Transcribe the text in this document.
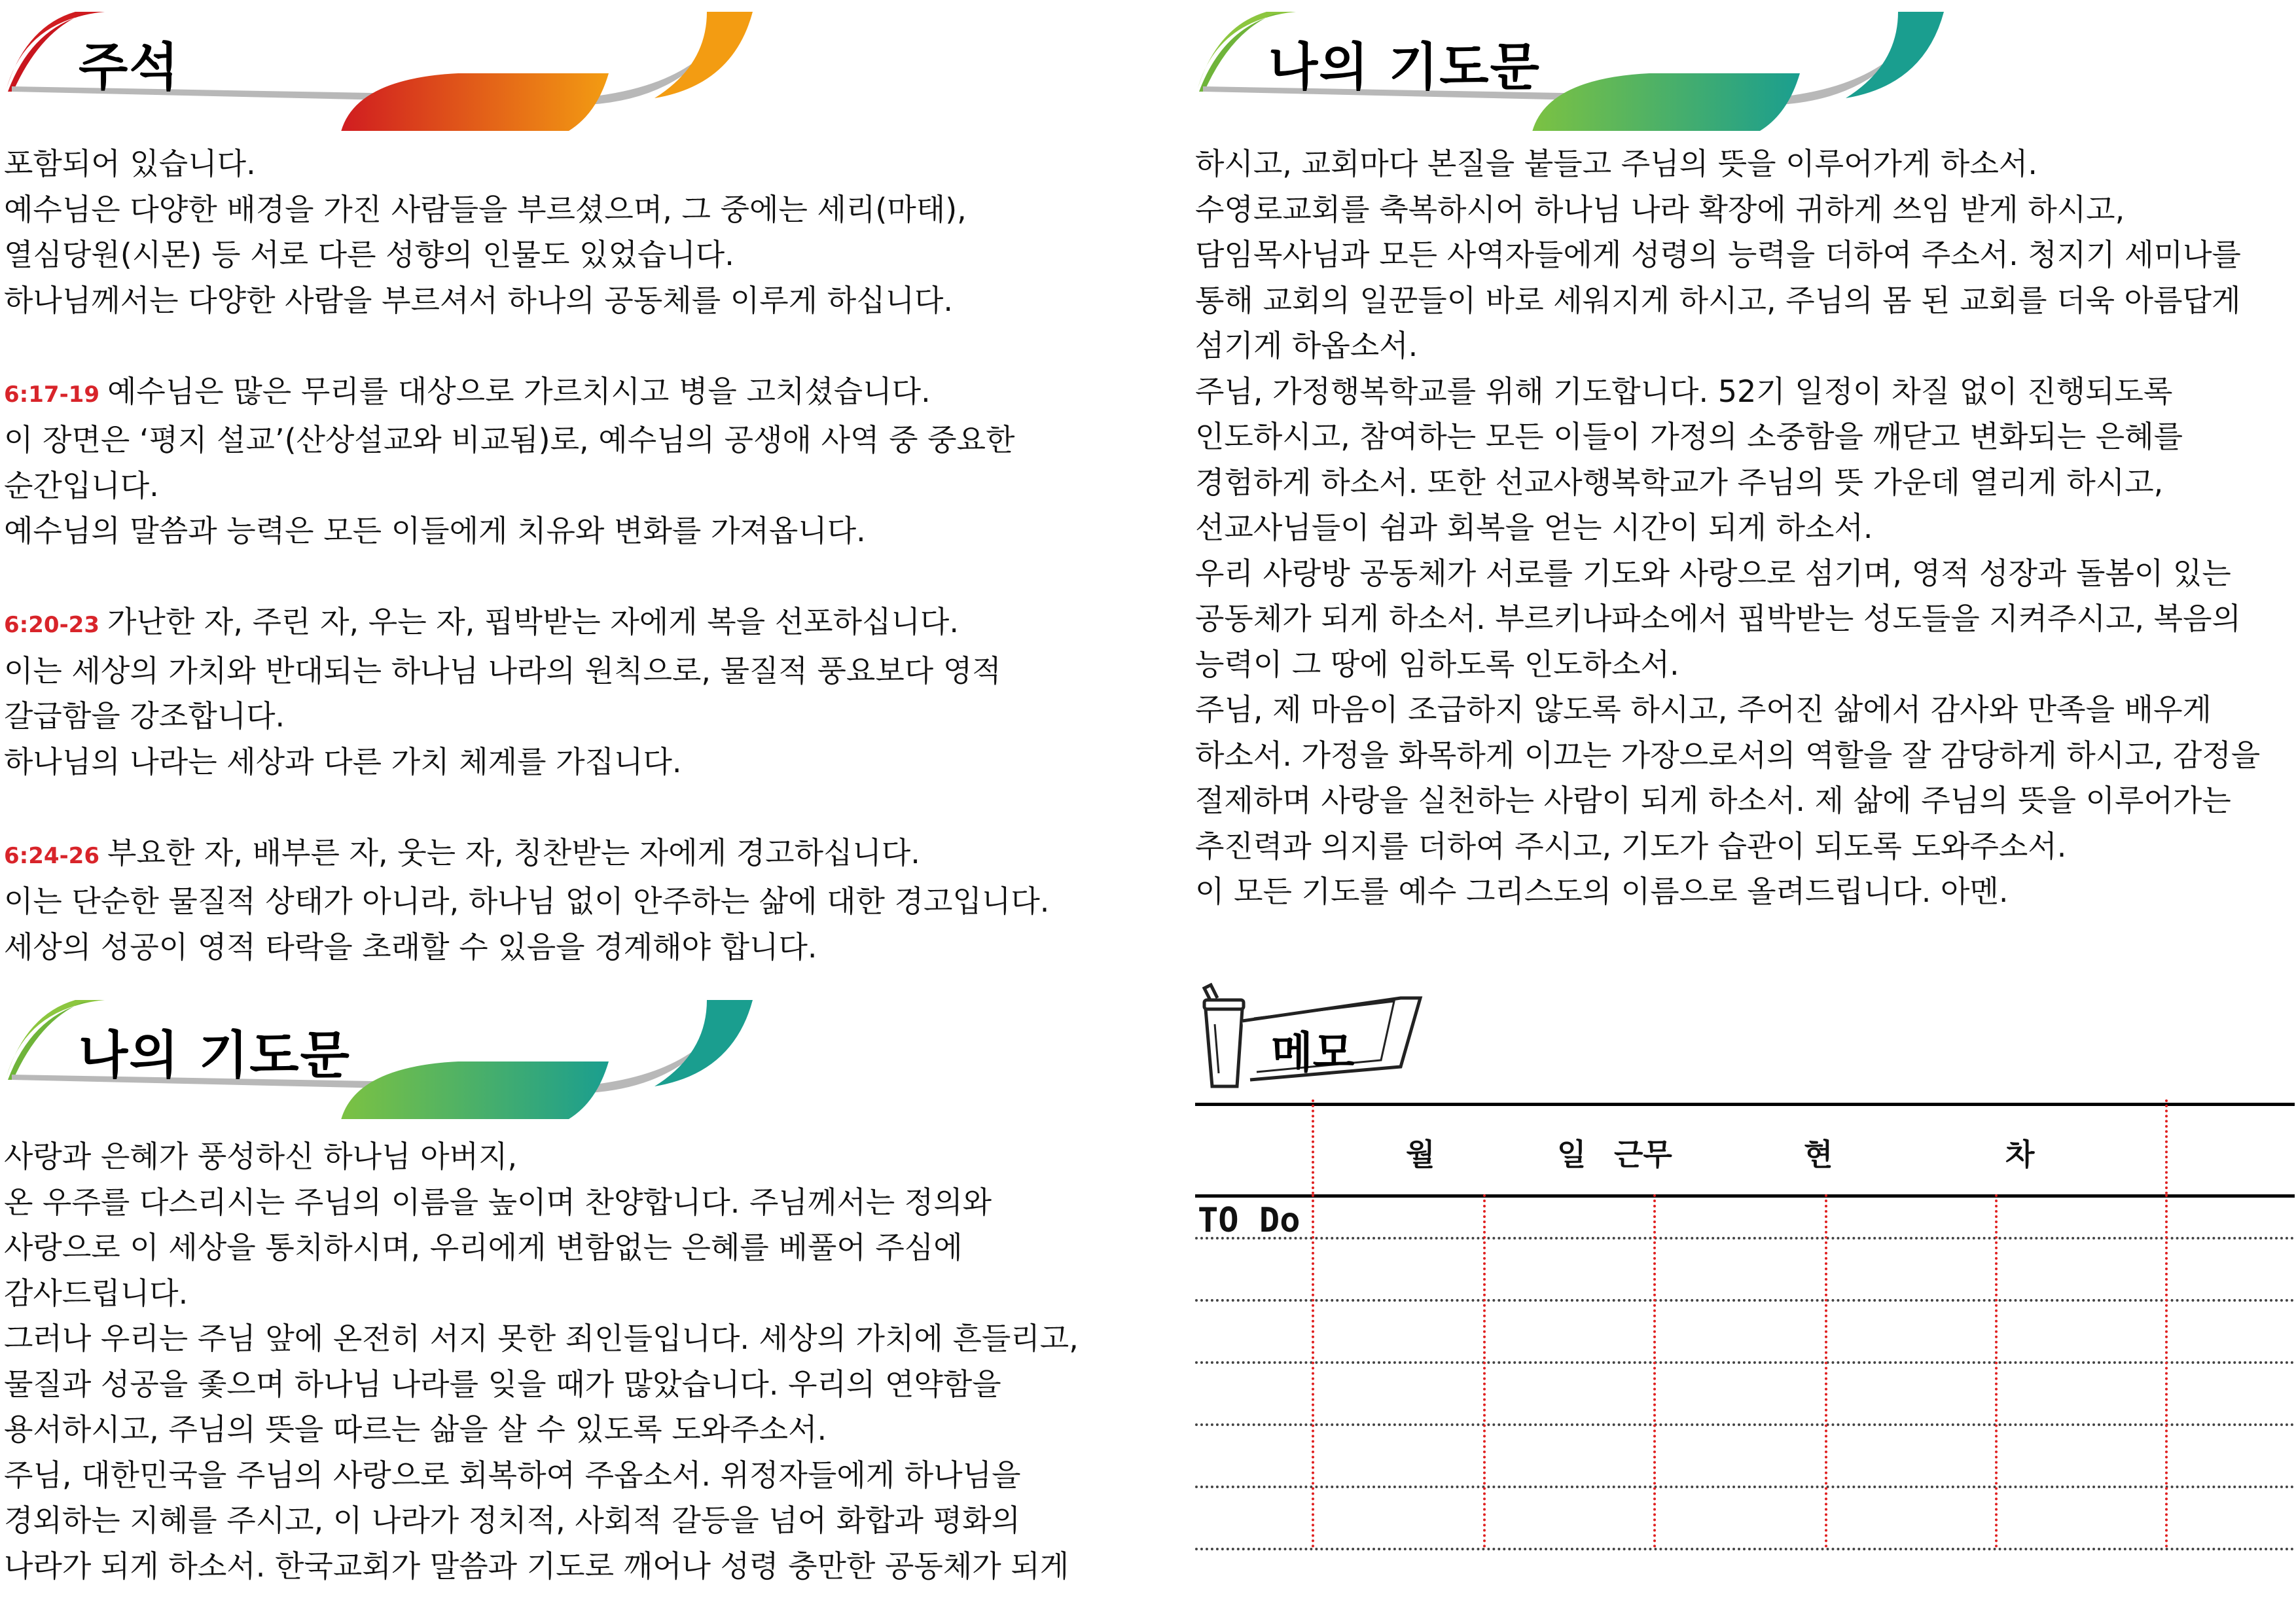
주석
포함되어 있습니다.
예수님은 다양한 배경을 가진 사람들을 부르셨으며, 그 중에는 세리(마태),
열심당원(시몬) 등 서로 다른 성향의 인물도 있었습니다.
하나님께서는 다양한 사람을 부르셔서 하나의 공동체를 이루게 하십니다.
6:17-19 예수님은 많은 무리를 대상으로 가르치시고 병을 고치셨습니다.
이 장면은 ‘평지 설교’(산상설교와 비교됨)로, 예수님의 공생애 사역 중 중요한
순간입니다.
예수님의 말씀과 능력은 모든 이들에게 치유와 변화를 가져옵니다.
6:20-23 가난한 자, 주린 자, 우는 자, 핍박받는 자에게 복을 선포하십니다.
이는 세상의 가치와 반대되는 하나님 나라의 원칙으로, 물질적 풍요보다 영적
갈급함을 강조합니다.
하나님의 나라는 세상과 다른 가치 체계를 가집니다.
6:24-26 부요한 자, 배부른 자, 웃는 자, 칭찬받는 자에게 경고하십니다.
이는 단순한 물질적 상태가 아니라, 하나님 없이 안주하는 삶에 대한 경고입니다.
세상의 성공이 영적 타락을 초래할 수 있음을 경계해야 합니다.
나의 기도문
사랑과 은혜가 풍성하신 하나님 아버지,
온 우주를 다스리시는 주님의 이름을 높이며 찬양합니다. 주님께서는 정의와
사랑으로 이 세상을 통치하시며, 우리에게 변함없는 은혜를 베풀어 주심에
감사드립니다.
그러나 우리는 주님 앞에 온전히 서지 못한 죄인들입니다. 세상의 가치에 흔들리고,
물질과 성공을 좇으며 하나님 나라를 잊을 때가 많았습니다. 우리의 연약함을
용서하시고, 주님의 뜻을 따르는 삶을 살 수 있도록 도와주소서.
주님, 대한민국을 주님의 사랑으로 회복하여 주옵소서. 위정자들에게 하나님을
경외하는 지혜를 주시고, 이 나라가 정치적, 사회적 갈등을 넘어 화합과 평화의
나라가 되게 하소서. 한국교회가 말씀과 기도로 깨어나 성령 충만한 공동체가 되게
나의 기도문
하시고, 교회마다 본질을 붙들고 주님의 뜻을 이루어가게 하소서.
수영로교회를 축복하시어 하나님 나라 확장에 귀하게 쓰임 받게 하시고,
담임목사님과 모든 사역자들에게 성령의 능력을 더하여 주소서. 청지기 세미나를
통해 교회의 일꾼들이 바로 세워지게 하시고, 주님의 몸 된 교회를 더욱 아름답게
섬기게 하옵소서.
주님, 가정행복학교를 위해 기도합니다. 52기 일정이 차질 없이 진행되도록
인도하시고, 참여하는 모든 이들이 가정의 소중함을 깨닫고 변화되는 은혜를
경험하게 하소서. 또한 선교사행복학교가 주님의 뜻 가운데 열리게 하시고,
선교사님들이 쉼과 회복을 얻는 시간이 되게 하소서.
우리 사랑방 공동체가 서로를 기도와 사랑으로 섬기며, 영적 성장과 돌봄이 있는
공동체가 되게 하소서. 부르키나파소에서 핍박받는 성도들을 지켜주시고, 복음의
능력이 그 땅에 임하도록 인도하소서.
주님, 제 마음이 조급하지 않도록 하시고, 주어진 삶에서 감사와 만족을 배우게
하소서. 가정을 화목하게 이끄는 가장으로서의 역할을 잘 감당하게 하시고, 감정을
절제하며 사랑을 실천하는 사람이 되게 하소서. 제 삶에 주님의 뜻을 이루어가는
추진력과 의지를 더하여 주시고, 기도가 습관이 되도록 도와주소서.
이 모든 기도를 예수 그리스도의 이름으로 올려드립니다. 아멘.
메모
월	일 근무	현	차
TO Do
